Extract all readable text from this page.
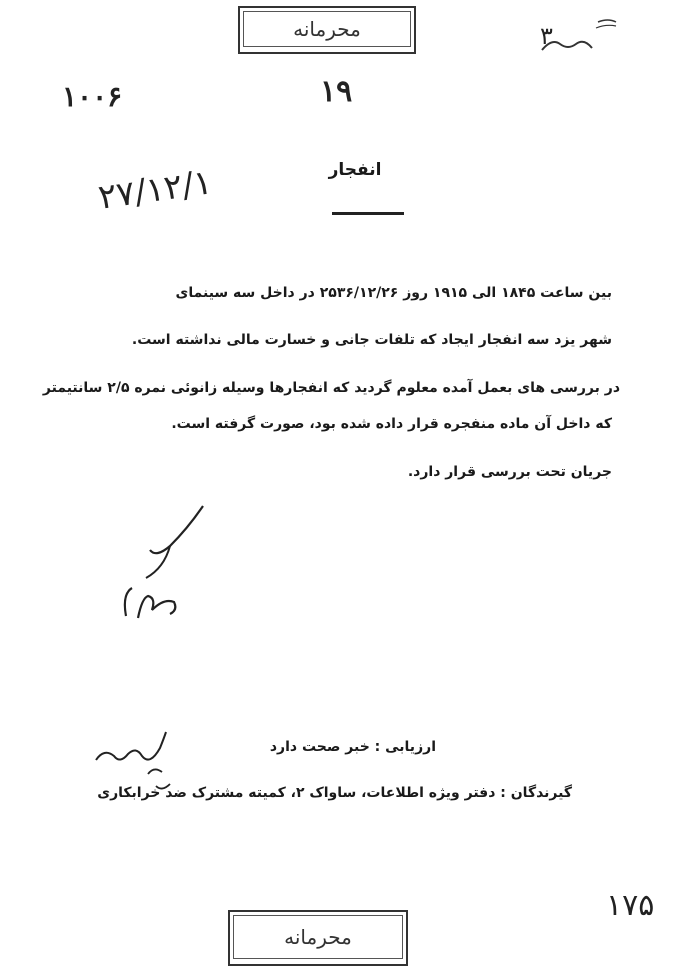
محرمانه	۳
۱۰۰۶	۱۹
۲۷/۱۲/۱	انفجار
بین ساعت ۱۸۴۵ الی ۱۹۱۵ روز ۲۵۳۶/۱۲/۲۶ در داخل سه سینمای
شهر یزد سه انفجار ایجاد که تلفات جانی و خسارت مالی نداشته است.
در بررسی های بعمل آمده معلوم گردید که انفجارها وسیله زانوئی نمره ۲/۵ سانتیمتر
که داخل آن ماده منفجره قرار داده شده بود، صورت گرفته است.
جریان تحت بررسی قرار دارد.
ارزیابی : خبر صحت دارد
گیرندگان : دفتر ویژه اطلاعات، ساواک ۲، کمیته مشترک ضد خرابکاری
۱۷۵
محرمانه
